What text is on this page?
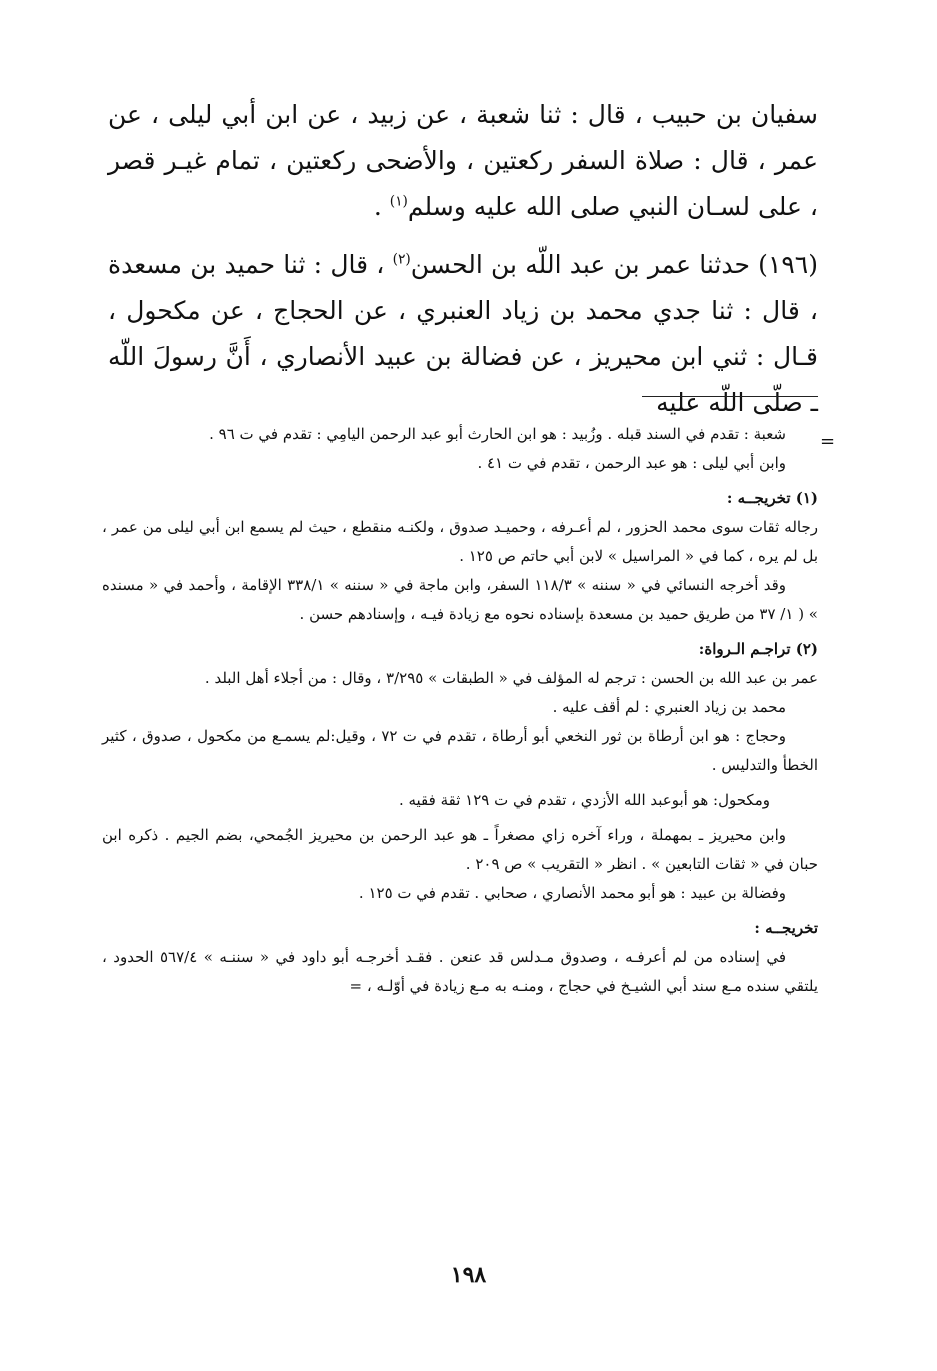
سفيان بن حبيب ، قال : ثنا شعبة ، عن زبيد ، عن ابن أبي ليلى ، عن عمر ، قال : صلاة السفر ركعتين ، والأضحى ركعتين ، تمام غيـر قصر ، على لسـان النبي صلى الله عليه وسلم$^{(١)}$ .

(١٩٦) حدثنا عمر بن عبد اللّه بن الحسن$^{(٢)}$ ، قال : ثنا حميد بن مسعدة ، قال : ثنا جدي محمد بن زياد العنبري ، عن الحجاج ، عن مكحول ، قـال : ثني ابن محيريز ، عن فضالة بن عبيد الأنصاري ، أَنَّ رسولَ اللّه ـ صلّى اللّه عليه

=

شعبة : تقدم في السند قبله . وزُبيد : هو ابن الحارث أبو عبد الرحمن اليامِي : تقدم في ت ٩٦ .

وابن أبي ليلى : هو عبد الرحمن ، تقدم في ت ٤١ .

(١) تخريجــه :

رجاله ثقات سوى محمد الحزور ، لم أعـرفه ، وحميـد صدوق ، ولكنـه منقطع ، حيث لم يسمع ابن أبي ليلى من عمر ، بل لم يره ، كما في « المراسيل » لابن أبي حاتم ص ١٢٥ .

وقد أخرجه النسائي في « سننه » ١١٨/٣ السفر، وابن ماجة في « سننه » ٣٣٨/١ الإقامة ، وأحمد في « مسنده » ( ١/ ٣٧ من طريق حميد بن مسعدة بإسناده نحوه مع زيادة فيـه ، وإسنادهم حسن .

(٢) تراجـم الـرواة:

عمر بن عبد الله بن الحسن : ترجم له المؤلف في « الطبقات » ٣/٢٩٥ ، وقال : من أجلاء أهل البلد .

محمد بن زياد العنبري : لم أقف عليه .

وحجاج : هو ابن أرطاة بن ثور النخعي أبو أرطاة ، تقدم في ت ٧٢ ، وقيل:لم يسمـع من مكحول ، صدوق ، كثير الخطأ والتدليس .

ومكحول: هو أبوعبد الله الأزدي ، تقدم في ت ١٢٩ ثقة فقيه .

وابن محيريز ـ بمهملة ، وراء آخره زاي مصغراً ـ هو عبد الرحمن بن محيريز الجُمحي، بضم الجيم . ذكره ابن حبان في « ثقات التابعين » . انظر « التقريب » ص ٢٠٩ .

وفضالة بن عبيد : هو أبو محمد الأنصاري ، صحابي . تقدم في ت ١٢٥ .

تخريجــه :

في إسناده من لم أعرفـه ، وصدوق مـدلس قد عنعن . فقـد أخرجـه أبو داود في « سننـه » ٥٦٧/٤ الحدود ، يلتقي سنده مـع سند أبي الشيـخ في حجاج ، ومنـه به مـع زيادة في أوّلـه ، =

١٩٨
